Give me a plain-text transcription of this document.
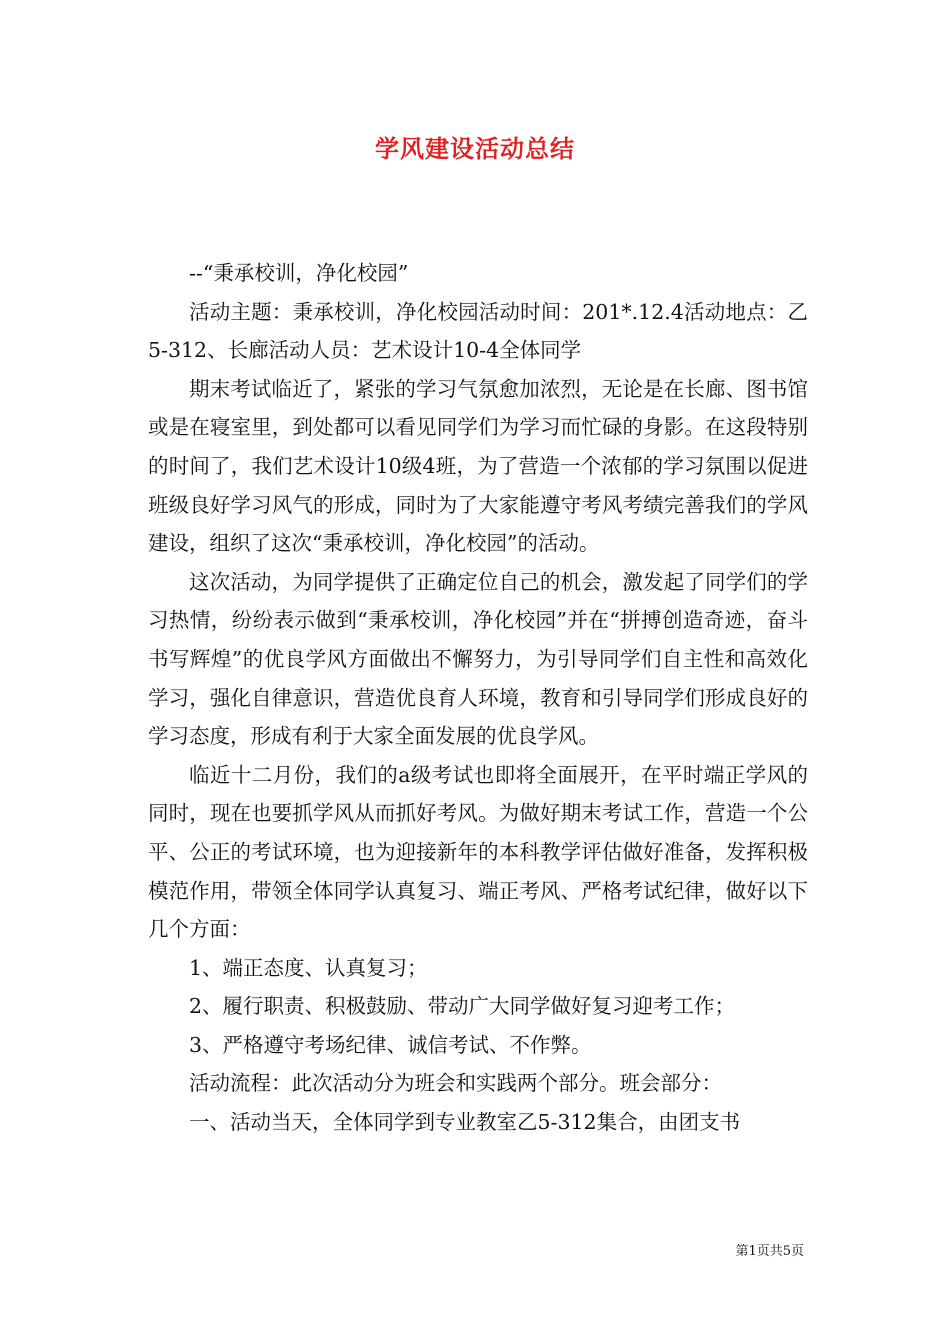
学风建设活动总结

--“秉承校训，净化校园”

活动主题：秉承校训，净化校园活动时间：201*.12.4活动地点：乙5-312、长廊活动人员：艺术设计10-4全体同学

期末考试临近了，紧张的学习气氛愈加浓烈，无论是在长廊、图书馆或是在寝室里，到处都可以看见同学们为学习而忙碌的身影。在这段特别的时间了，我们艺术设计10级4班，为了营造一个浓郁的学习氛围以促进班级良好学习风气的形成，同时为了大家能遵守考风考绩完善我们的学风建设，组织了这次“秉承校训，净化校园”的活动。

这次活动，为同学提供了正确定位自己的机会，激发起了同学们的学习热情，纷纷表示做到“秉承校训，净化校园”并在“拼搏创造奇迹，奋斗书写辉煌”的优良学风方面做出不懈努力，为引导同学们自主性和高效化学习，强化自律意识，营造优良育人环境，教育和引导同学们形成良好的学习态度，形成有利于大家全面发展的优良学风。

临近十二月份，我们的a级考试也即将全面展开，在平时端正学风的同时，现在也要抓学风从而抓好考风。为做好期末考试工作，营造一个公平、公正的考试环境，也为迎接新年的本科教学评估做好准备，发挥积极模范作用，带领全体同学认真复习、端正考风、严格考试纪律，做好以下几个方面：

1、端正态度、认真复习；

2、履行职责、积极鼓励、带动广大同学做好复习迎考工作；

3、严格遵守考场纪律、诚信考试、不作弊。

活动流程：此次活动分为班会和实践两个部分。班会部分：

一、活动当天，全体同学到专业教室乙5-312集合，由团支书

第1页共5页
